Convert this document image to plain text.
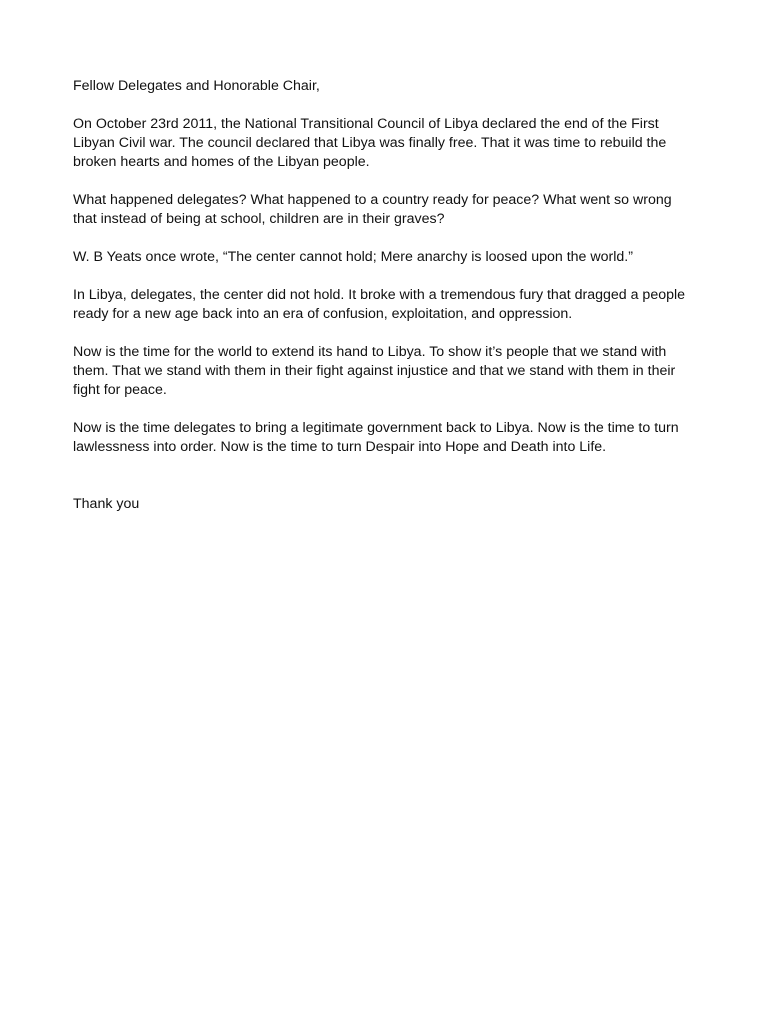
Fellow Delegates and Honorable Chair,

On October 23rd 2011, the National Transitional Council of Libya declared the end of the First Libyan Civil war. The council declared that Libya was finally free. That it was time to rebuild the broken hearts and homes of the Libyan people.

What happened delegates? What happened to a country ready for peace? What went so wrong that instead of being at school, children are in their graves?

W. B Yeats once wrote, “The center cannot hold; Mere anarchy is loosed upon the world.”

In Libya, delegates, the center did not hold. It broke with a tremendous fury that dragged a people ready for a new age back into an era of confusion, exploitation, and oppression.

Now is the time for the world to extend its hand to Libya. To show it’s people that we stand with them. That we stand with them in their fight against injustice and that we stand with them in their fight for peace.

Now is the time delegates to bring a legitimate government back to Libya. Now is the time to turn lawlessness into order. Now is the time to turn Despair into Hope and Death into Life.

Thank you
